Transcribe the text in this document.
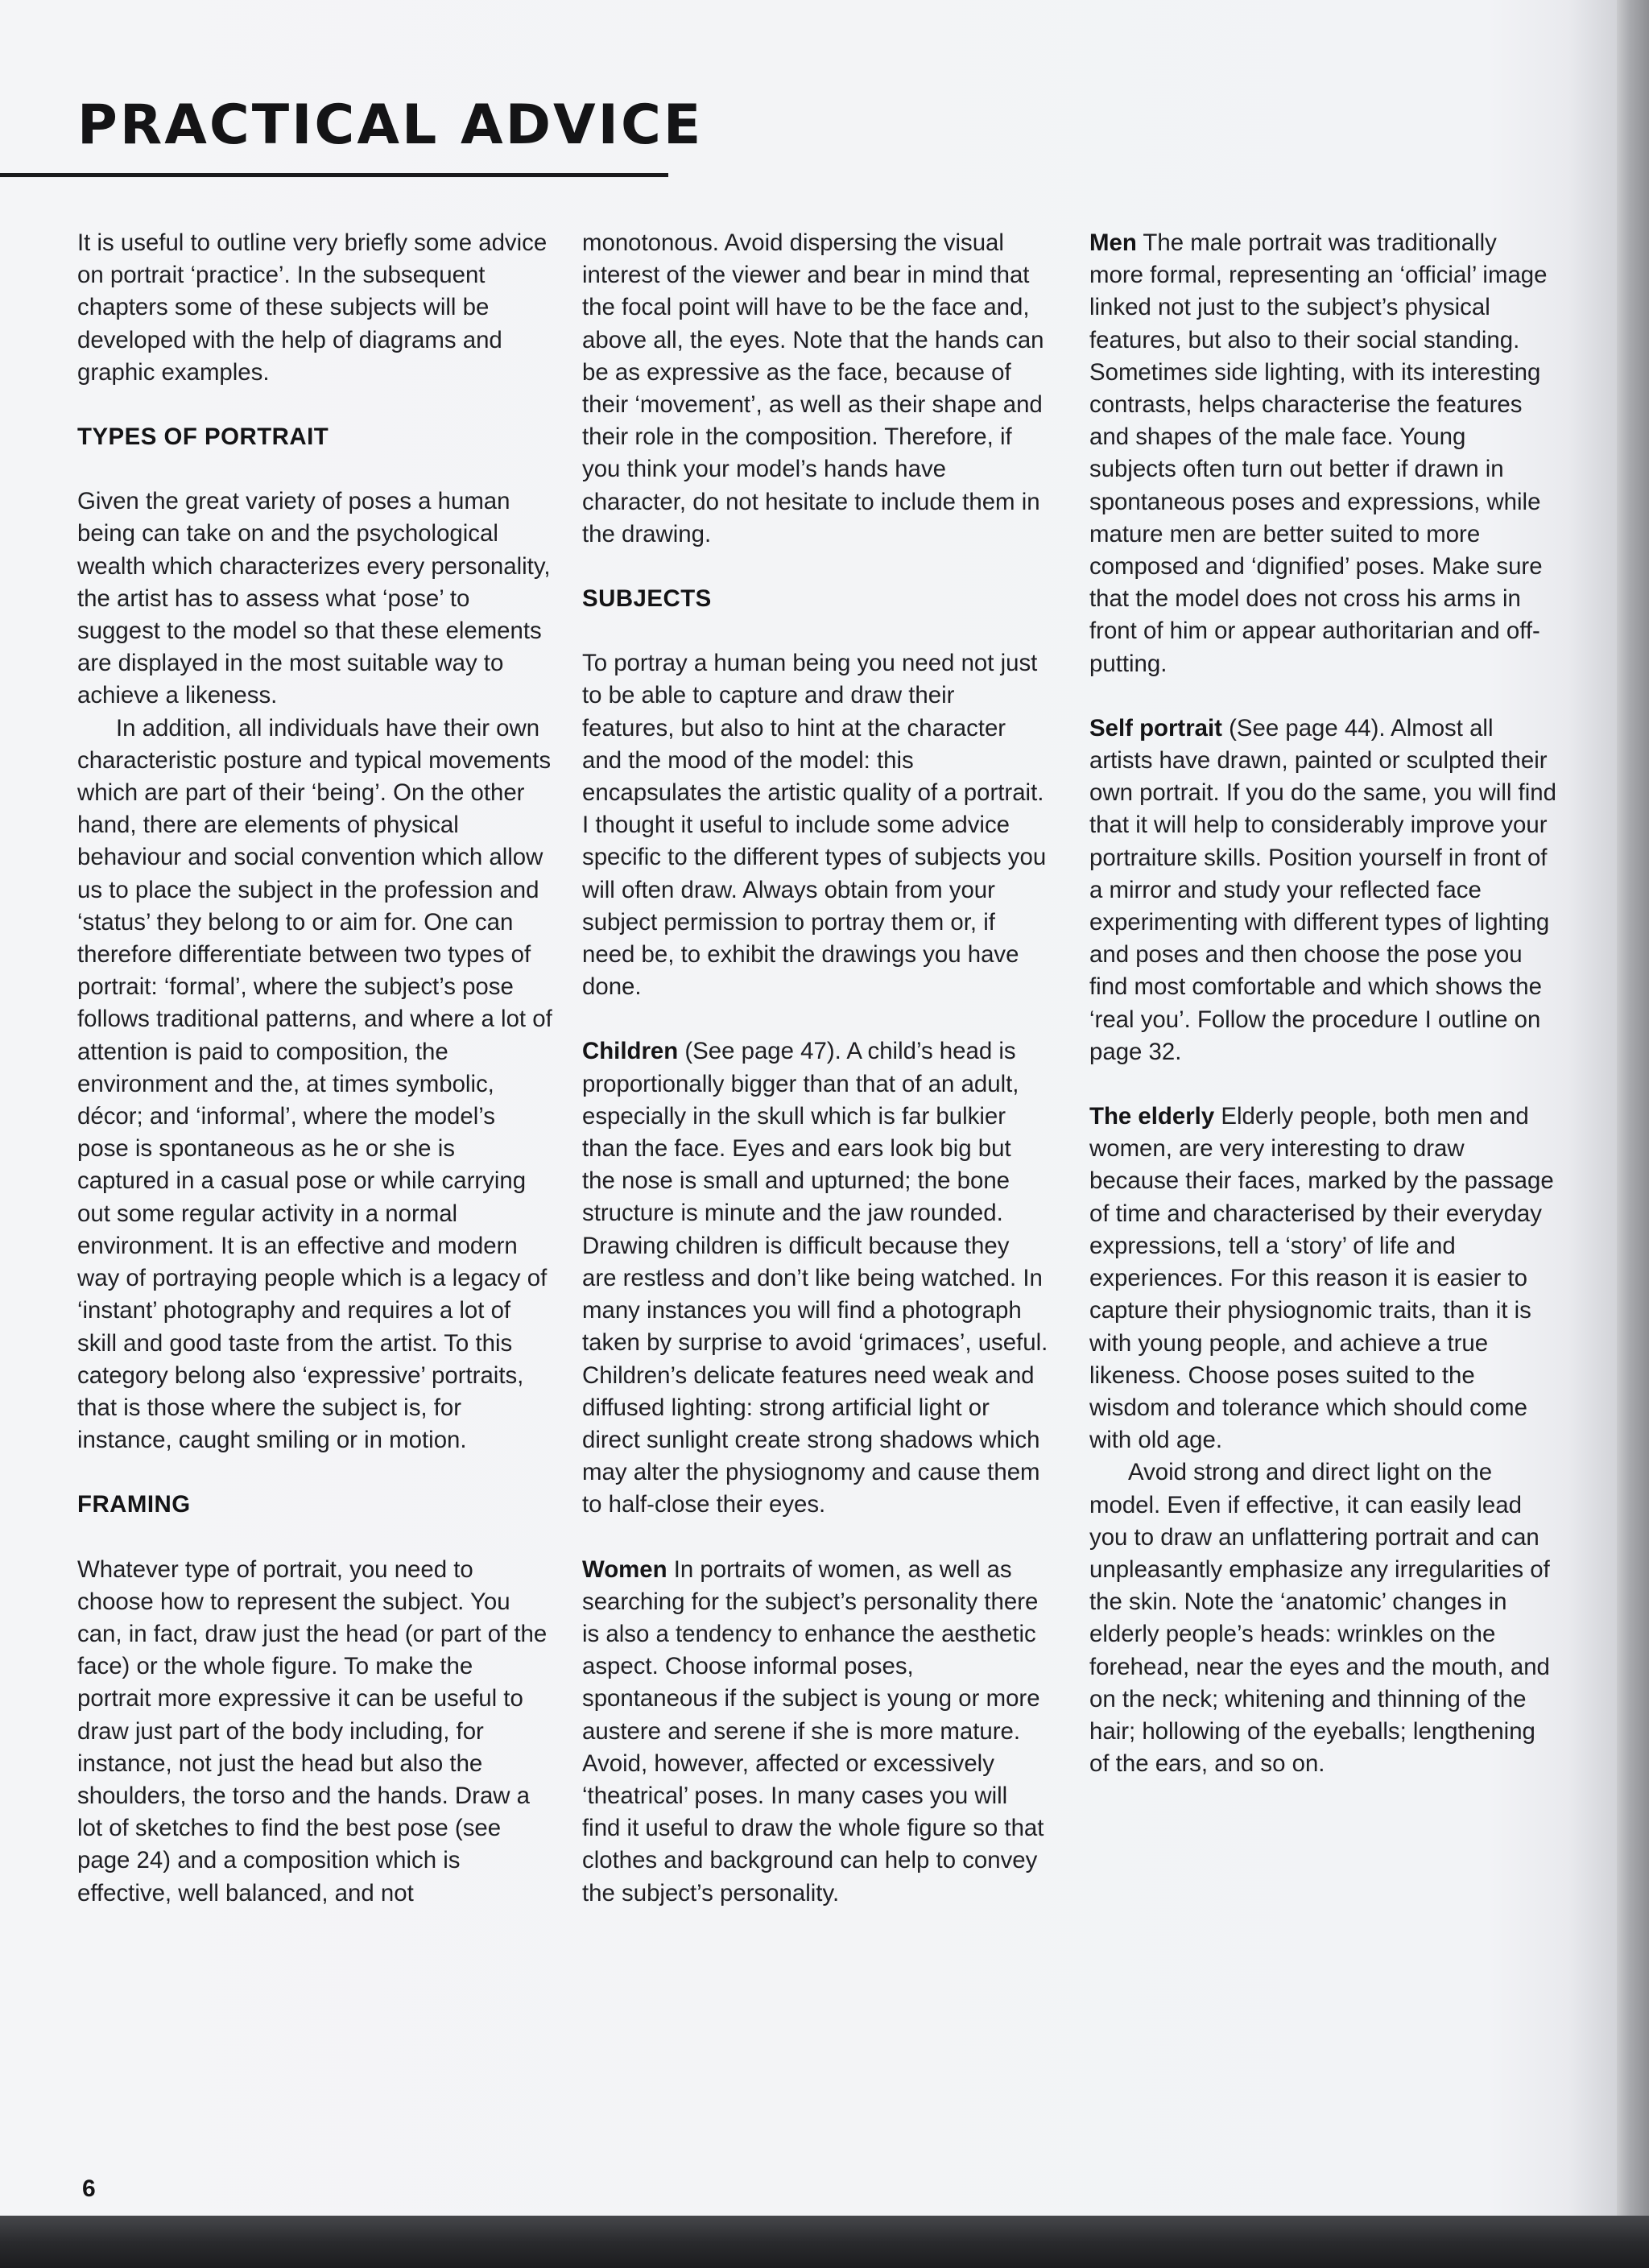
PRACTICAL ADVICE

It is useful to outline very briefly some advice on portrait ‘practice’. In the subsequent chapters some of these subjects will be developed with the help of diagrams and graphic examples.

TYPES OF PORTRAIT

Given the great variety of poses a human being can take on and the psychological wealth which characterizes every personality, the artist has to assess what ‘pose’ to suggest to the model so that these elements are displayed in the most suitable way to achieve a likeness.

In addition, all individuals have their own characteristic posture and typical movements which are part of their ‘being’. On the other hand, there are elements of physical behaviour and social convention which allow us to place the subject in the profession and ‘status’ they belong to or aim for. One can therefore differentiate between two types of portrait: ‘formal’, where the subject’s pose follows traditional patterns, and where a lot of attention is paid to composition, the environment and the, at times symbolic, décor; and ‘informal’, where the model’s pose is spontaneous as he or she is captured in a casual pose or while carrying out some regular activity in a normal environment. It is an effective and modern way of portraying people which is a legacy of ‘instant’ photography and requires a lot of skill and good taste from the artist. To this category belong also ‘expressive’ portraits, that is those where the subject is, for instance, caught smiling or in motion.

FRAMING

Whatever type of portrait, you need to choose how to represent the subject. You can, in fact, draw just the head (or part of the face) or the whole figure. To make the portrait more expressive it can be useful to draw just part of the body including, for instance, not just the head but also the shoulders, the torso and the hands. Draw a lot of sketches to find the best pose (see page 24) and a composition which is effective, well balanced, and not

monotonous. Avoid dispersing the visual interest of the viewer and bear in mind that the focal point will have to be the face and, above all, the eyes. Note that the hands can be as expressive as the face, because of their ‘movement’, as well as their shape and their role in the composition. Therefore, if you think your model’s hands have character, do not hesitate to include them in the drawing.

SUBJECTS

To portray a human being you need not just to be able to capture and draw their features, but also to hint at the character and the mood of the model: this encapsulates the artistic quality of a portrait. I thought it useful to include some advice specific to the different types of subjects you will often draw. Always obtain from your subject permission to portray them or, if need be, to exhibit the drawings you have done.

Children (See page 47). A child’s head is proportionally bigger than that of an adult, especially in the skull which is far bulkier than the face. Eyes and ears look big but the nose is small and upturned; the bone structure is minute and the jaw rounded. Drawing children is difficult because they are restless and don’t like being watched. In many instances you will find a photograph taken by surprise to avoid ‘grimaces’, useful. Children’s delicate features need weak and diffused lighting: strong artificial light or direct sunlight create strong shadows which may alter the physiognomy and cause them to half-close their eyes.

Women In portraits of women, as well as searching for the subject’s personality there is also a tendency to enhance the aesthetic aspect. Choose informal poses, spontaneous if the subject is young or more austere and serene if she is more mature. Avoid, however, affected or excessively ‘theatrical’ poses. In many cases you will find it useful to draw the whole figure so that clothes and background can help to convey the subject’s personality.

Men The male portrait was traditionally more formal, representing an ‘official’ image linked not just to the subject’s physical features, but also to their social standing. Sometimes side lighting, with its interesting contrasts, helps characterise the features and shapes of the male face. Young subjects often turn out better if drawn in spontaneous poses and expressions, while mature men are better suited to more composed and ‘dignified’ poses. Make sure that the model does not cross his arms in front of him or appear authoritarian and off-putting.

Self portrait (See page 44). Almost all artists have drawn, painted or sculpted their own portrait. If you do the same, you will find that it will help to considerably improve your portraiture skills. Position yourself in front of a mirror and study your reflected face experimenting with different types of lighting and poses and then choose the pose you find most comfortable and which shows the ‘real you’. Follow the procedure I outline on page 32.

The elderly Elderly people, both men and women, are very interesting to draw because their faces, marked by the passage of time and characterised by their everyday expressions, tell a ‘story’ of life and experiences. For this reason it is easier to capture their physiognomic traits, than it is with young people, and achieve a true likeness. Choose poses suited to the wisdom and tolerance which should come with old age.

Avoid strong and direct light on the model. Even if effective, it can easily lead you to draw an unflattering portrait and can unpleasantly emphasize any irregularities of the skin. Note the ‘anatomic’ changes in elderly people’s heads: wrinkles on the forehead, near the eyes and the mouth, and on the neck; whitening and thinning of the hair; hollowing of the eyeballs; lengthening of the ears, and so on.

6
